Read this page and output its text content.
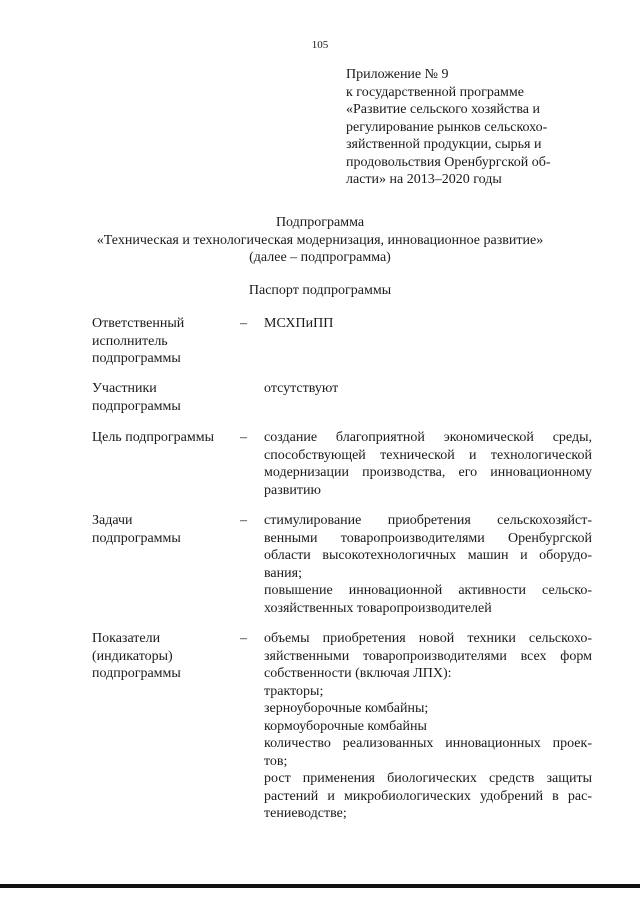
105
Приложение № 9
к государственной программе
«Развитие сельского хозяйства и
регулирование рынков сельскохо-
зяйственной продукции, сырья и
продовольствия Оренбургской об-
ласти» на 2013–2020 годы
Подпрограмма
«Техническая и технологическая модернизация, инновационное развитие»
(далее – подпрограмма)
Паспорт подпрограммы
Ответственный
исполнитель
подпрограммы
– МСХПиПП
Участники
подпрограммы
отсутствуют
Цель подпрограммы	– создание благоприятной экономической среды,
способствующей технической и технологической
модернизации производства, его инновационному
развитию
Задачи
подпрограммы
– стимулирование приобретения сельскохозяйст-
венными товаропроизводителями Оренбургской
области высокотехнологичных машин и оборудо-
вания;
повышение инновационной активности сельско-
хозяйственных товаропроизводителей
Показатели
(индикаторы)
подпрограммы
– объемы приобретения новой техники сельскохо-
зяйственными товаропроизводителями всех форм
собственности (включая ЛПХ):
тракторы;
зерноуборочные комбайны;
кормоуборочные комбайны
количество реализованных инновационных проек-
тов;
рост применения биологических средств защиты
растений и микробиологических удобрений в рас-
тениеводстве;
